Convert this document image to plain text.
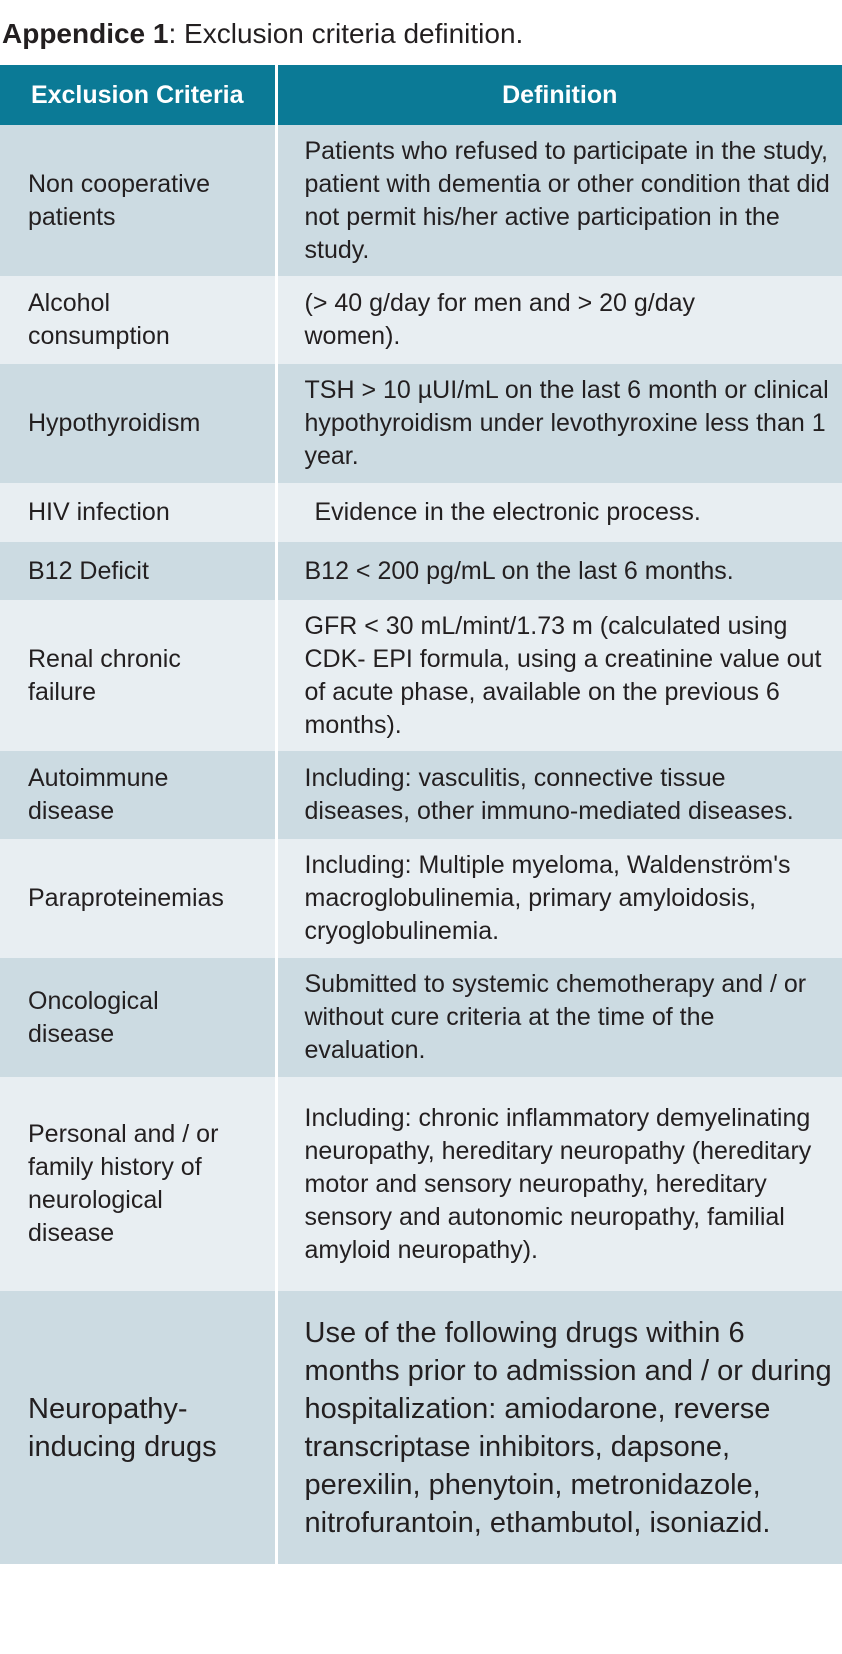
Appendice 1: Exclusion criteria definition.
Exclusion Criteria	Definition
Non cooperative patients	Patients who refused to participate in the study, patient with dementia or other condition that did not permit his/her active participation in the study.
Alcohol consumption	(> 40 g/day for men and > 20 g/day women).
Hypothyroidism	TSH > 10 µUI/mL on the last 6 month or clinical hypothyroidism under levothyroxine less than 1 year.
HIV infection	Evidence in the electronic process.
B12 Deficit	B12 < 200 pg/mL on the last 6 months.
Renal chronic failure	GFR < 30 mL/mint/1.73 m (calculated using CDK- EPI formula, using a creatinine value out of acute phase, available on the previous 6 months).
Autoimmune disease	Including: vasculitis, connective tissue diseases, other immuno-mediated diseases.
Paraproteinemias	Including: Multiple myeloma, Waldenström's macroglobulinemia, primary amyloidosis, cryoglobulinemia.
Oncological disease	Submitted to systemic chemotherapy and / or without cure criteria at the time of the evaluation.
Personal and / or family history of neurological disease	Including: chronic inflammatory demyelinating neuropathy, hereditary neuropathy (hereditary motor and sensory neuropathy, hereditary sensory and autonomic neuropathy, familial amyloid neuropathy).
Neuropathy-inducing drugs	Use of the following drugs within 6 months prior to admission and / or during hospitalization: amiodarone, reverse transcriptase inhibitors, dapsone, perexilin, phenytoin, metronidazole, nitrofurantoin, ethambutol, isoniazid.
